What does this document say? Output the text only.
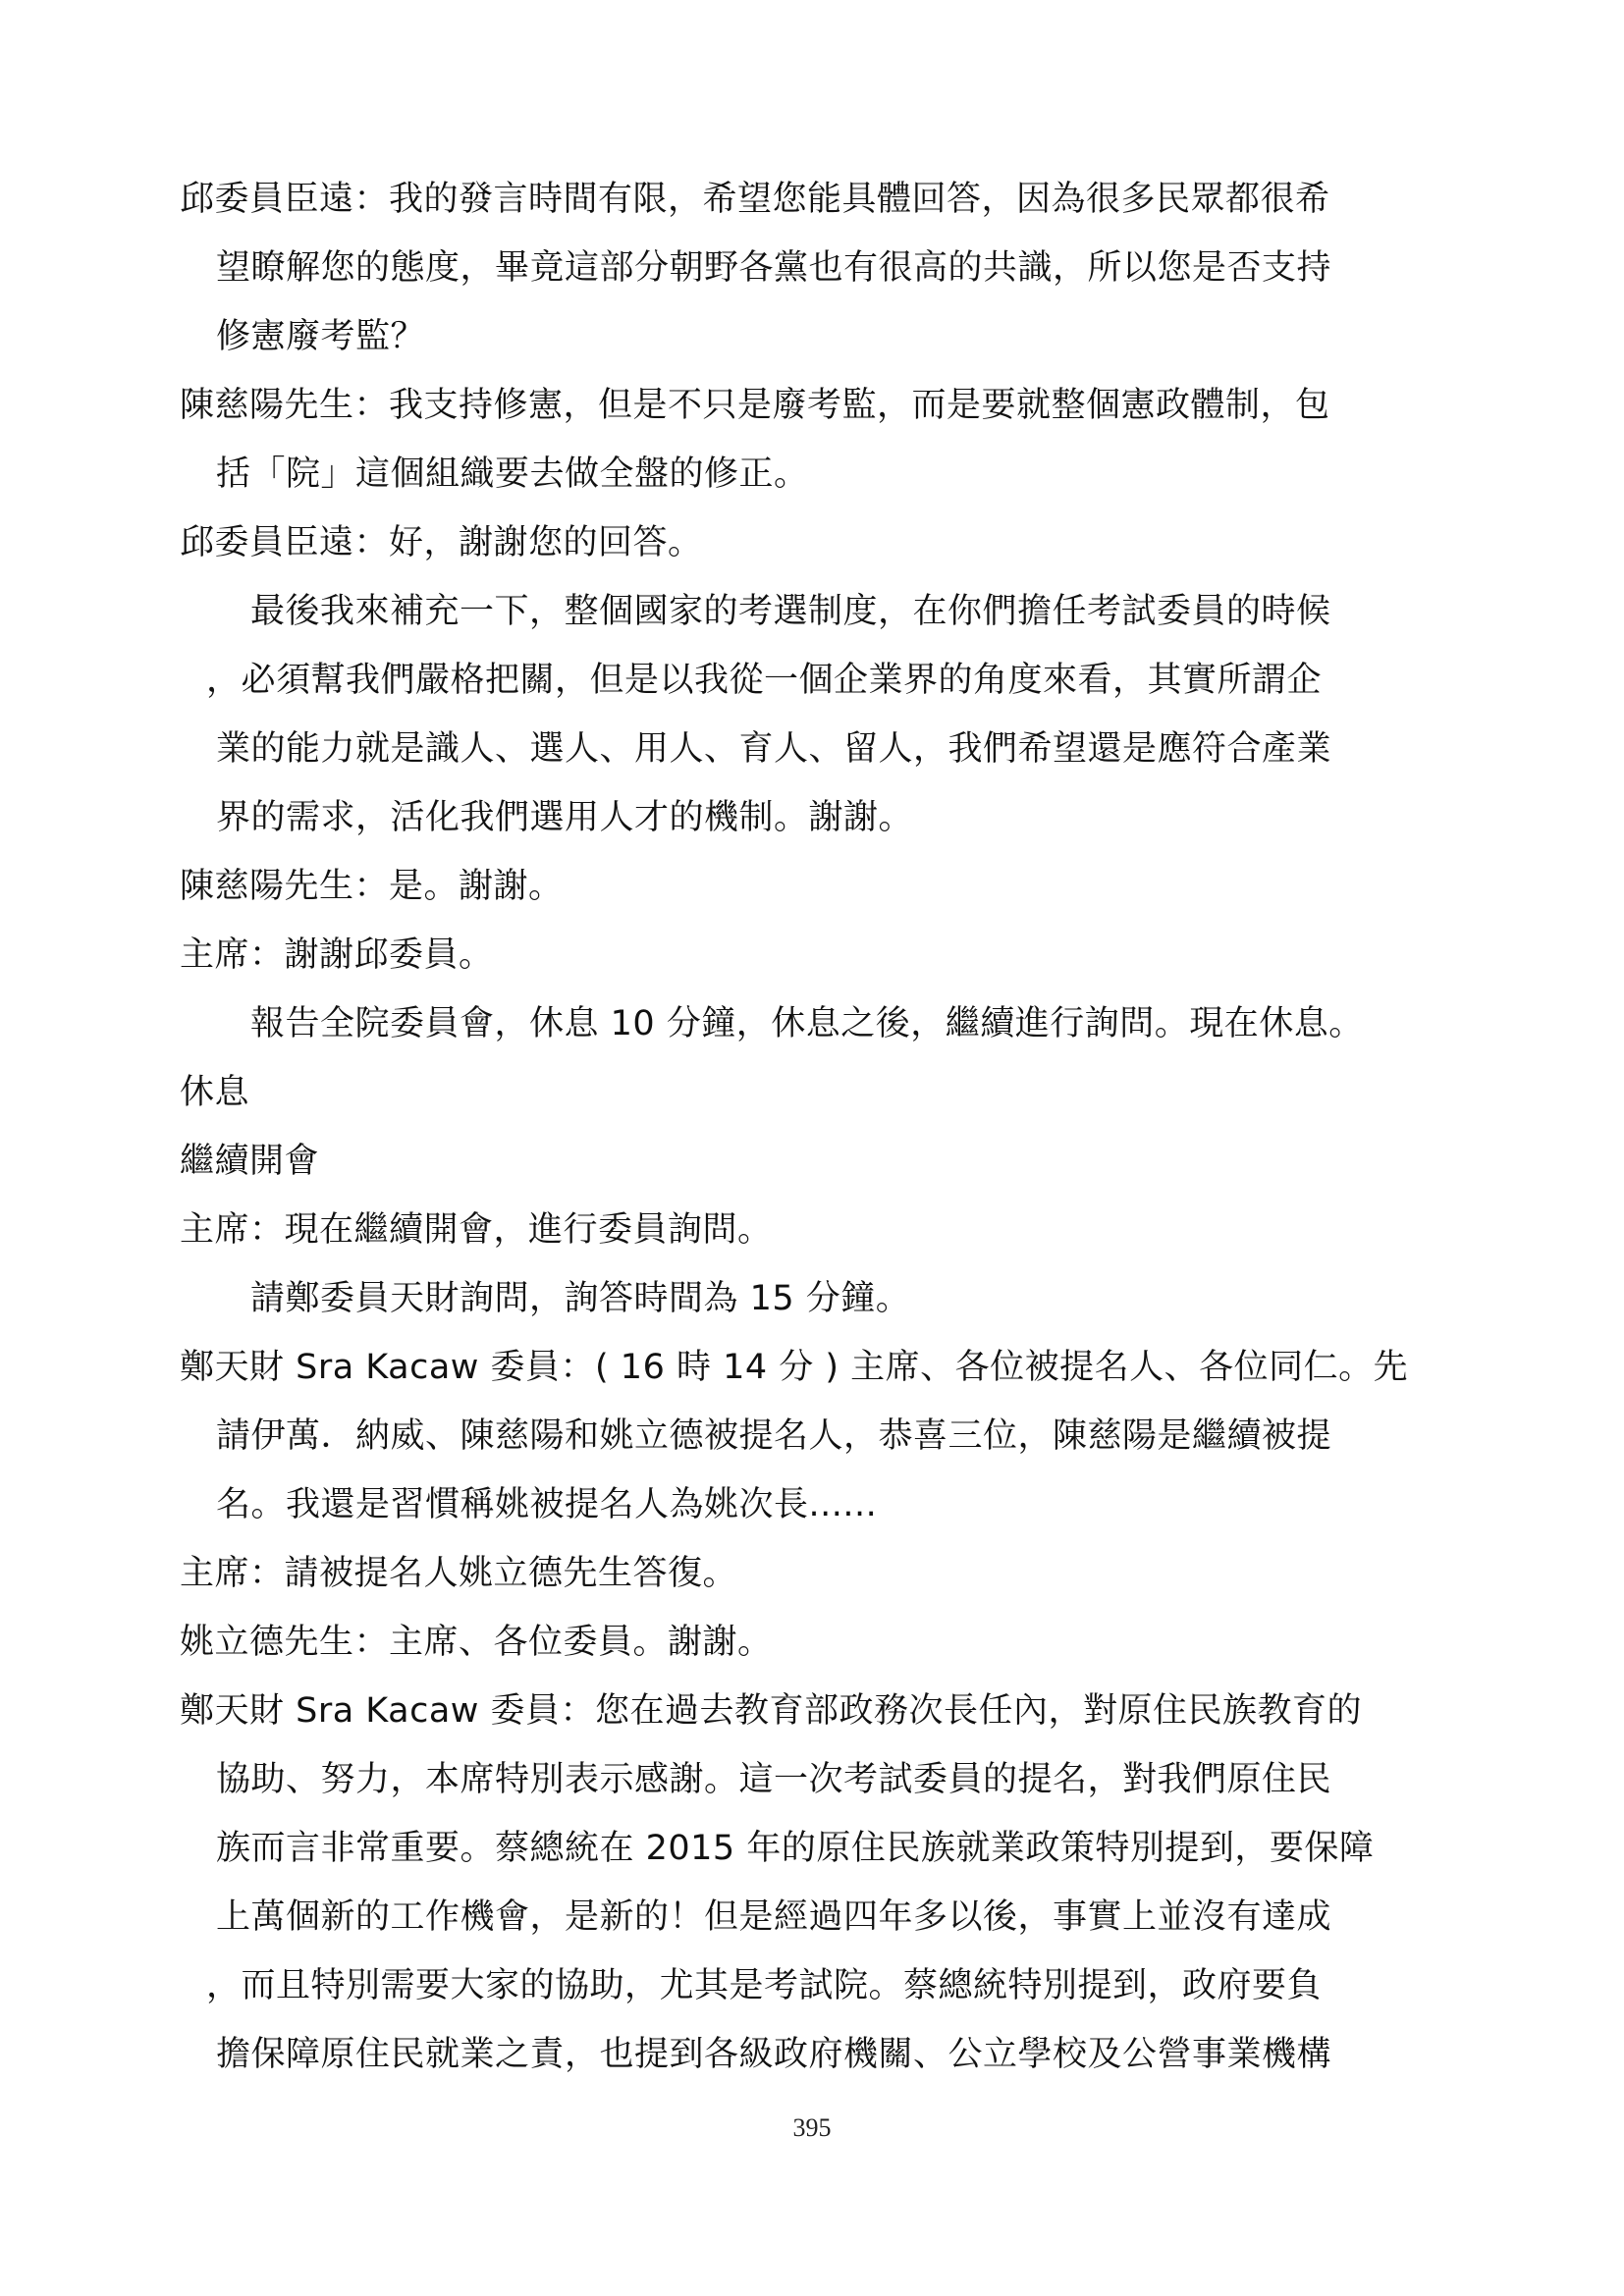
邱委員臣遠：我的發言時間有限，希望您能具體回答，因為很多民眾都很希
望瞭解您的態度，畢竟這部分朝野各黨也有很高的共識，所以您是否支持
修憲廢考監？
陳慈陽先生：我支持修憲，但是不只是廢考監，而是要就整個憲政體制，包
括「院」這個組織要去做全盤的修正。
邱委員臣遠：好，謝謝您的回答。
最後我來補充一下，整個國家的考選制度，在你們擔任考試委員的時候
，必須幫我們嚴格把關，但是以我從一個企業界的角度來看，其實所謂企
業的能力就是識人、選人、用人、育人、留人，我們希望還是應符合產業
界的需求，活化我們選用人才的機制。謝謝。
陳慈陽先生：是。謝謝。
主席：謝謝邱委員。
報告全院委員會，休息 10 分鐘，休息之後，繼續進行詢問。現在休息。
休息
繼續開會
主席：現在繼續開會，進行委員詢問。
請鄭委員天財詢問，詢答時間為 15 分鐘。
鄭天財 Sra Kacaw 委員：( 16 時 14 分 ) 主席、各位被提名人、各位同仁。先
請伊萬．納威、陳慈陽和姚立德被提名人，恭喜三位，陳慈陽是繼續被提
名。我還是習慣稱姚被提名人為姚次長......
主席：請被提名人姚立德先生答復。
姚立德先生：主席、各位委員。謝謝。
鄭天財 Sra Kacaw 委員：您在過去教育部政務次長任內，對原住民族教育的
協助、努力，本席特別表示感謝。這一次考試委員的提名，對我們原住民
族而言非常重要。蔡總統在 2015 年的原住民族就業政策特別提到，要保障
上萬個新的工作機會，是新的！但是經過四年多以後，事實上並沒有達成
，而且特別需要大家的協助，尤其是考試院。蔡總統特別提到，政府要負
擔保障原住民就業之責，也提到各級政府機關、公立學校及公營事業機構
395
